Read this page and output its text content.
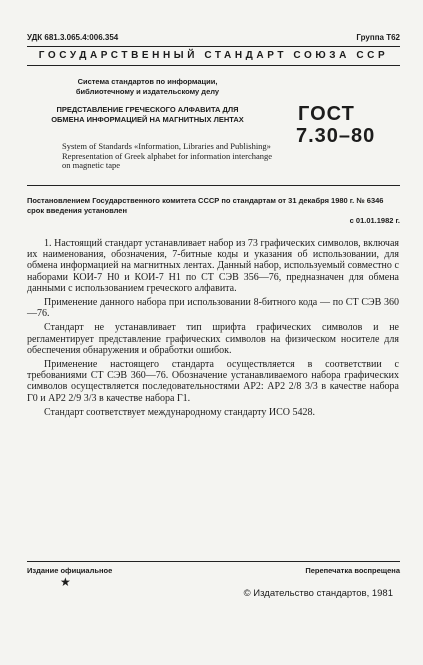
УДК 681.3.065.4:006.354	Группа Т62
ГОСУДАРСТВЕННЫЙ СТАНДАРТ СОЮЗА ССР
Система стандартов по информации, библиотечному и издательскому делу
ПРЕДСТАВЛЕНИЕ ГРЕЧЕСКОГО АЛФАВИТА ДЛЯ ОБМЕНА ИНФОРМАЦИЕЙ НА МАГНИТНЫХ ЛЕНТАХ
System of Standards «Information, Libraries and Publishing» Representation of Greek alphabet for information interchange on magnetic tape
ГОСТ
7.30–80
Постановлением Государственного комитета СССР по стандартам от 31 декабря 1980 г. № 6346 срок введения установлен
с 01.01.1982 г.

1. Настоящий стандарт устанавливает набор из 73 графических символов, включая их наименования, обозначения, 7-битные коды и указания об использовании, для обмена информацией на магнитных лентах. Данный набор, используемый совместно с наборами КОИ-7 Н0 и КОИ-7 Н1 по СТ СЭВ 356—76, предназначен для обмена данными с использованием греческого алфавита.

Применение данного набора при использовании 8-битного кода — по СТ СЭВ 360—76.

Стандарт не устанавливает тип шрифта графических символов и не регламентирует представление графических символов на физическом носителе для обеспечения обнаружения и обработки ошибок.

Применение настоящего стандарта осуществляется в соответствии с требованиями СТ СЭВ 360—76. Обозначение устанавливаемого набора графических символов осуществляется последовательностями АР2: АР2 2/8 3/3 в качестве набора Г0 и АР2 2/9 3/3 в качестве набора Г1.

Стандарт соответствует международному стандарту ИСО 5428.

Издание официальное	Перепечатка воспрещена
★
© Издательство стандартов, 1981
